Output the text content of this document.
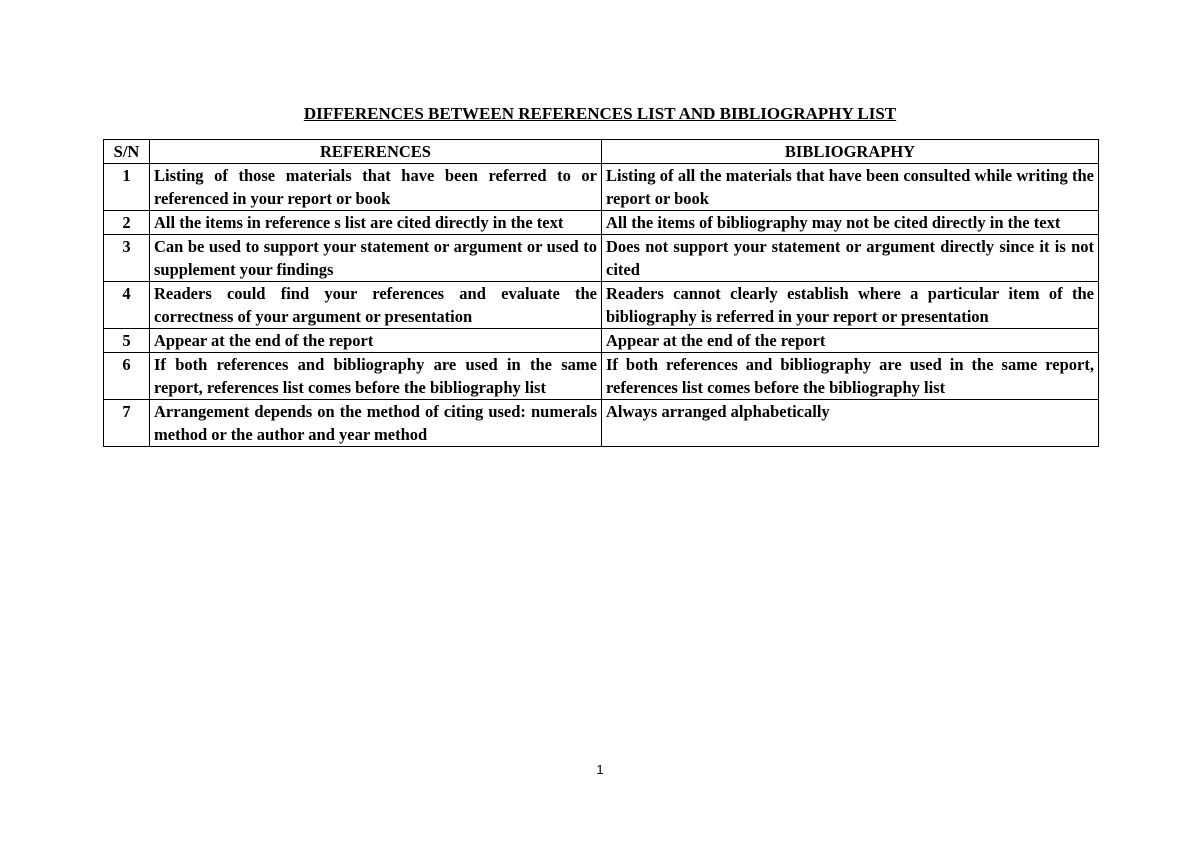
DIFFERENCES BETWEEN REFERENCES LIST AND BIBLIOGRAPHY LIST
S/N	REFERENCES	BIBLIOGRAPHY
1	Listing of those materials that have been referred to or referenced in your report or book	Listing of all the materials that have been consulted while writing the report or book
2	All the items in reference s list are cited directly in the text	All the items of bibliography may not be cited directly in the text
3	Can be used to support your statement or argument or used to supplement your findings	Does not support your statement or argument directly since it is not cited
4	Readers could find your references and evaluate the correctness of your argument or presentation	Readers cannot clearly establish where a particular item of the bibliography is referred in your report or presentation
5	Appear at the end of the report	Appear at the end of the report
6	If both references and bibliography are used in the same report, references list comes before the bibliography list	If both references and bibliography are used in the same report, references list comes before the bibliography list
7	Arrangement depends on the method of citing used: numerals method or the author and year method	Always arranged alphabetically
1
